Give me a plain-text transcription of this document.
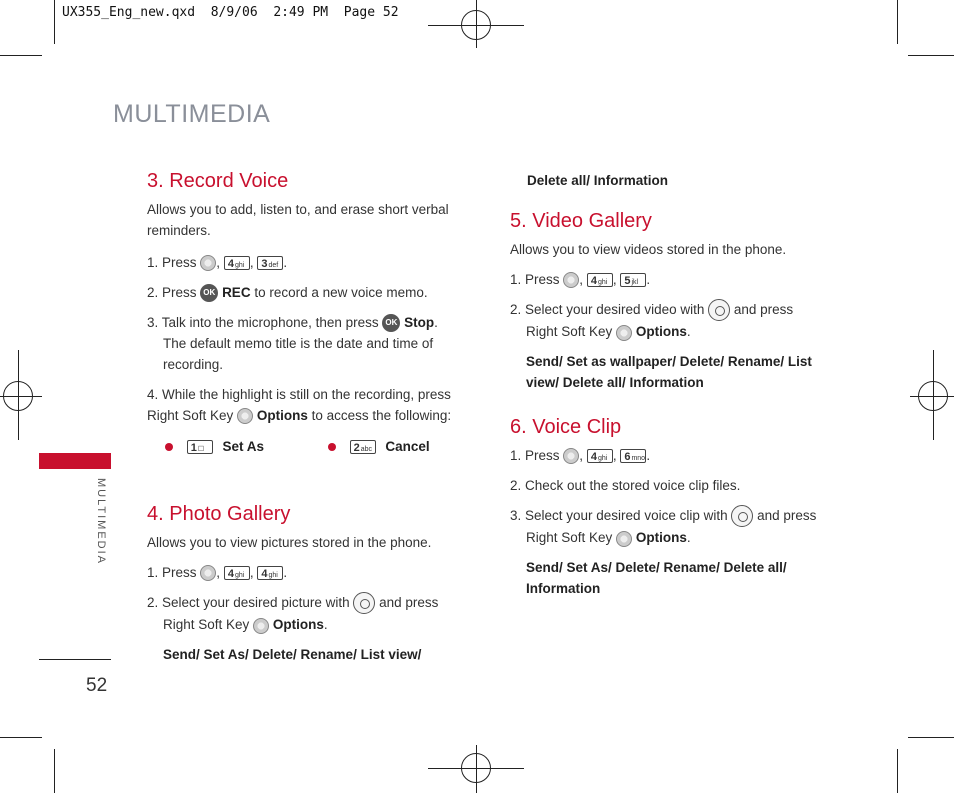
UX355_Eng_new.qxd  8/9/06  2:49 PM  Page 52
MULTIMEDIA
MULTIMEDIA
52
3. Record Voice
Allows you to add, listen to, and erase short verbal reminders.
1. Press , 4ghi , 3def .
2. Press OK REC to record a new voice memo.
3. Talk into the microphone, then press OK Stop.
The default memo title is the date and time of recording.
4. While the highlight is still on the recording, press Right Soft Key Options to access the following:
1☐ Set As	2abc Cancel
4. Photo Gallery
Allows you to view pictures stored in the phone.
1. Press , 4ghi , 4ghi .
2. Select your desired picture with  and press
Right Soft Key Options.
Send/ Set As/ Delete/ Rename/ List view/
Delete all/ Information
5. Video Gallery
Allows you to view videos stored in the phone.
1. Press , 4ghi , 5jkl .
2. Select your desired video with  and press
Right Soft Key Options.
Send/ Set as wallpaper/ Delete/ Rename/ List
view/ Delete all/ Information
6. Voice Clip
1. Press , 4ghi , 6mno.
2. Check out the stored voice clip files.
3. Select your desired voice clip with  and press
Right Soft Key Options.
Send/ Set As/ Delete/ Rename/ Delete all/
Information
